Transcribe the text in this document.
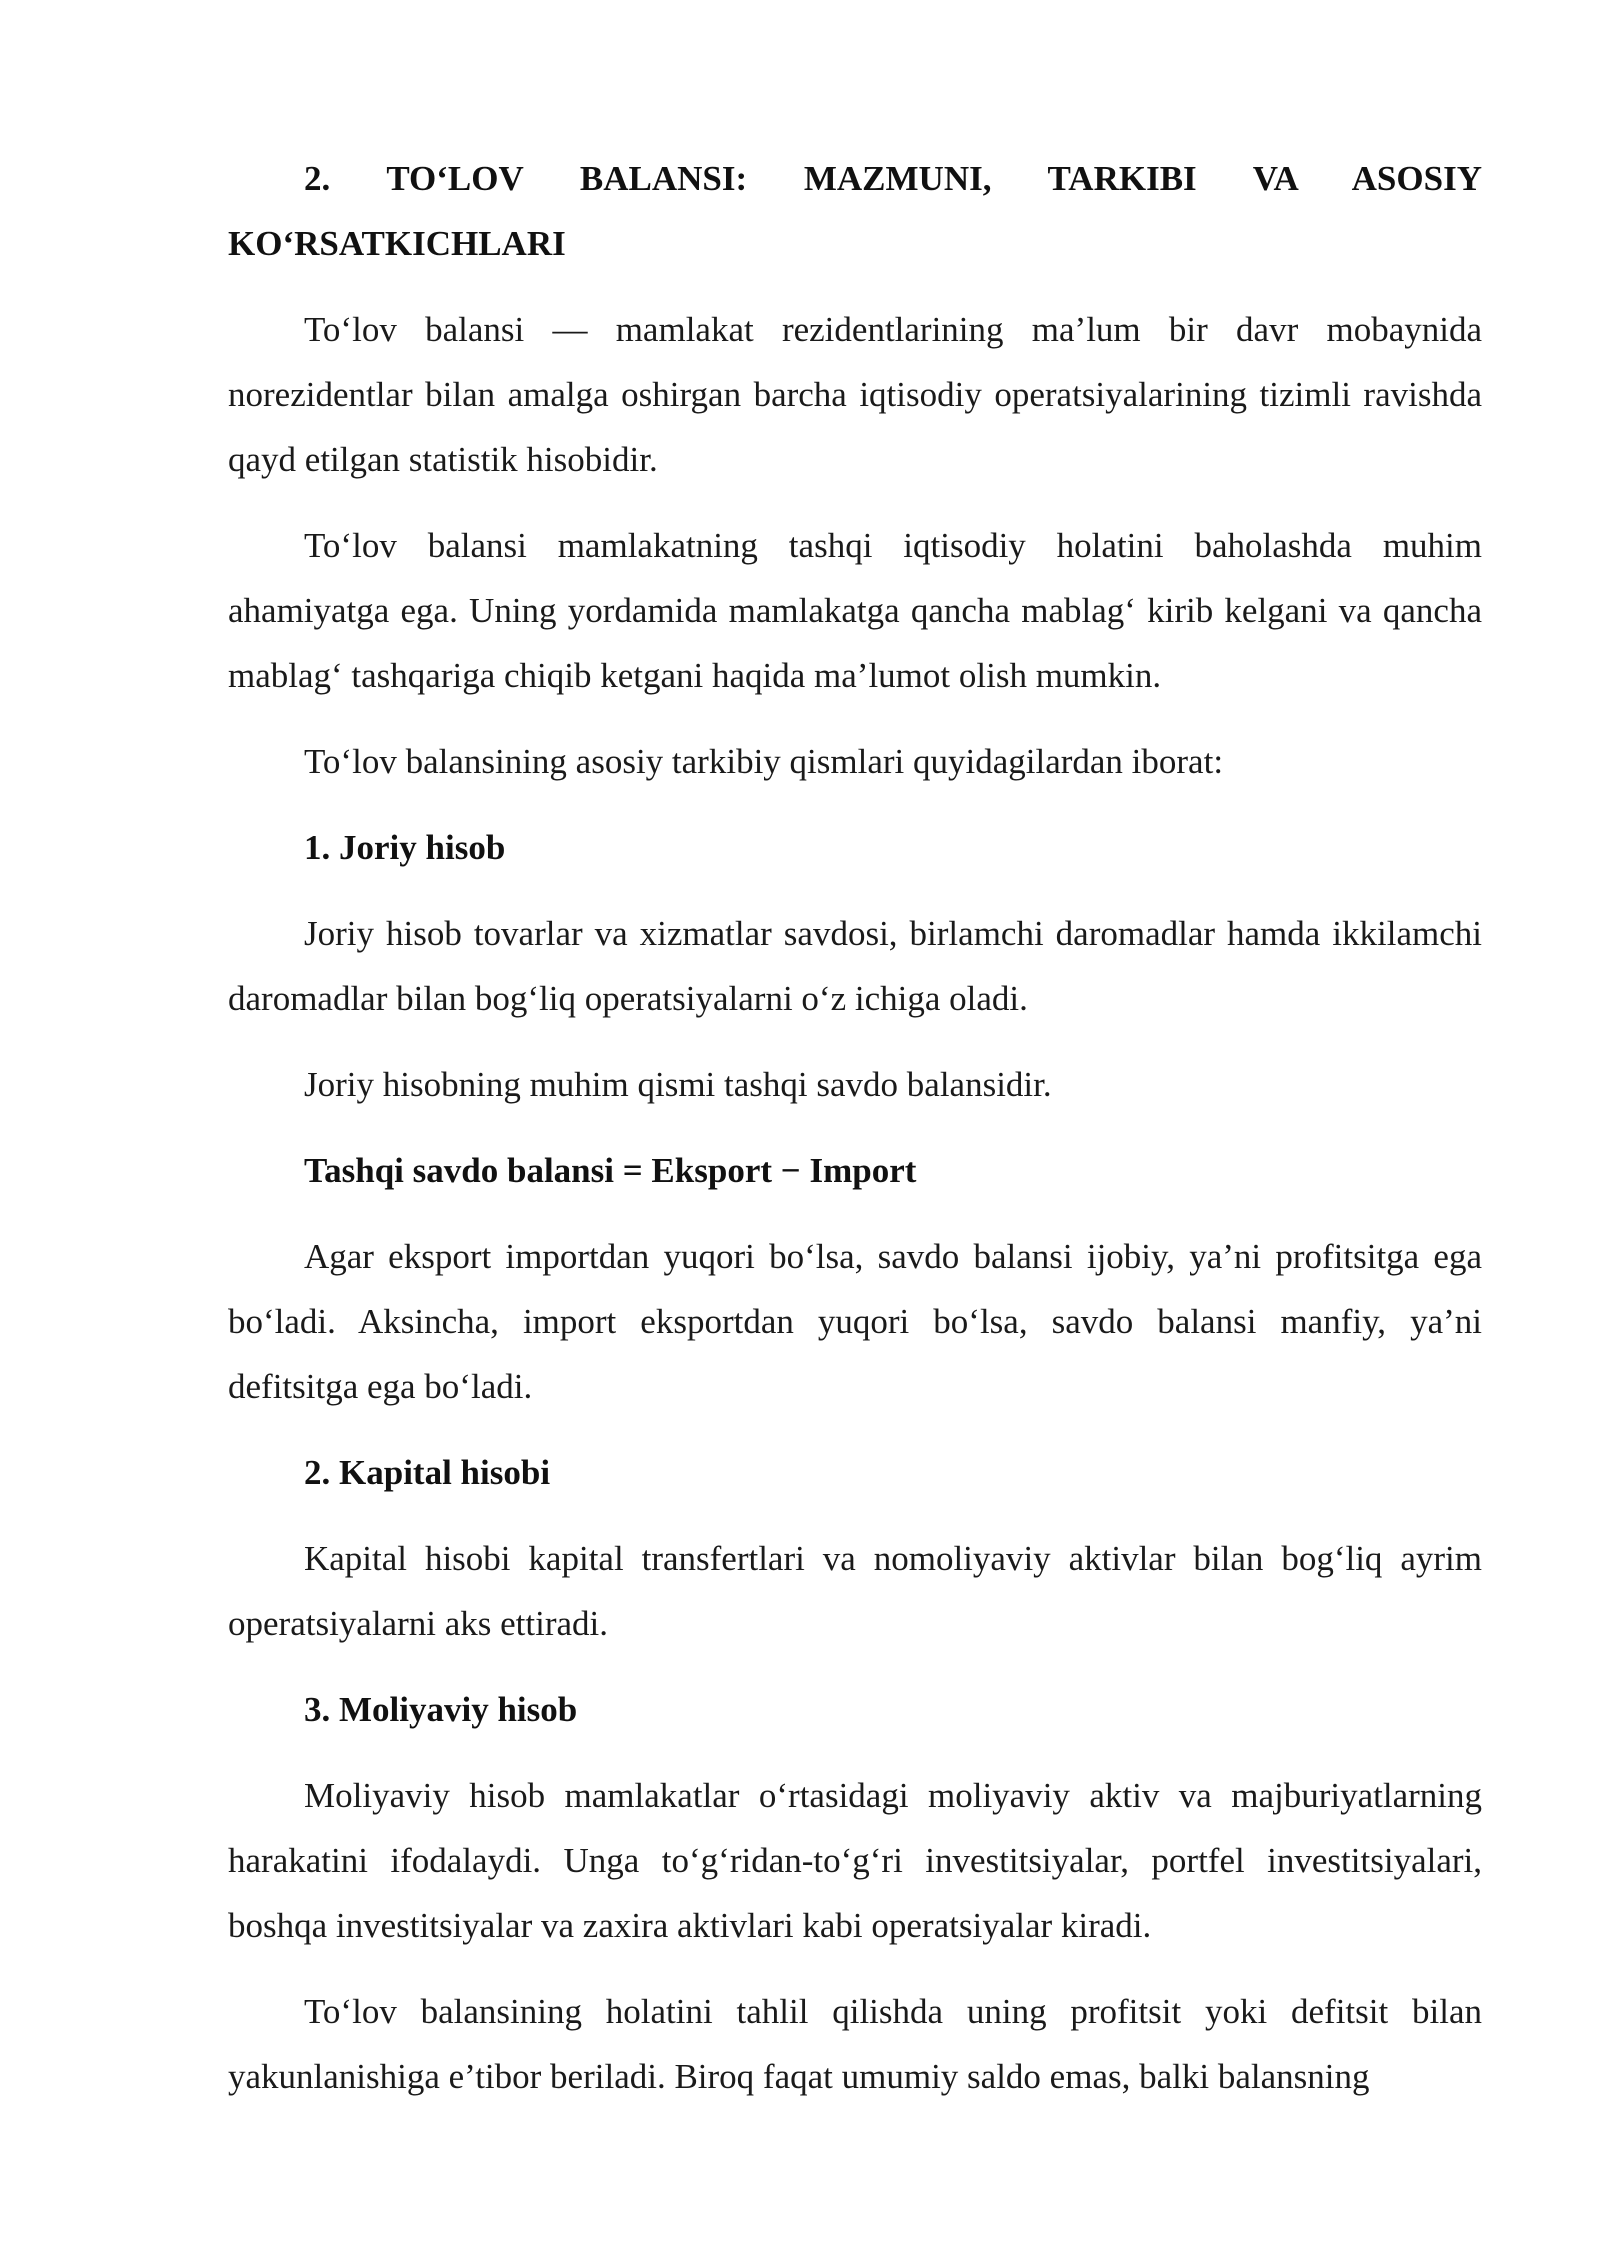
2. TO‘LOV BALANSI: MAZMUNI, TARKIBI VA ASOSIY KO‘RSATKICHLARI

To‘lov balansi — mamlakat rezidentlarining ma’lum bir davr mobaynida norezidentlar bilan amalga oshirgan barcha iqtisodiy operatsiyalarining tizimli ravishda qayd etilgan statistik hisobidir.

To‘lov balansi mamlakatning tashqi iqtisodiy holatini baholashda muhim ahamiyatga ega. Uning yordamida mamlakatga qancha mablag‘ kirib kelgani va qancha mablag‘ tashqariga chiqib ketgani haqida ma’lumot olish mumkin.

To‘lov balansining asosiy tarkibiy qismlari quyidagilardan iborat:

1. Joriy hisob

Joriy hisob tovarlar va xizmatlar savdosi, birlamchi daromadlar hamda ikkilamchi daromadlar bilan bog‘liq operatsiyalarni o‘z ichiga oladi.

Joriy hisobning muhim qismi tashqi savdo balansidir.

Tashqi savdo balansi = Eksport − Import

Agar eksport importdan yuqori bo‘lsa, savdo balansi ijobiy, ya’ni profitsitga ega bo‘ladi. Aksincha, import eksportdan yuqori bo‘lsa, savdo balansi manfiy, ya’ni defitsitga ega bo‘ladi.

2. Kapital hisobi

Kapital hisobi kapital transfertlari va nomoliyaviy aktivlar bilan bog‘liq ayrim operatsiyalarni aks ettiradi.

3. Moliyaviy hisob

Moliyaviy hisob mamlakatlar o‘rtasidagi moliyaviy aktiv va majburiyatlarning harakatini ifodalaydi. Unga to‘g‘ridan-to‘g‘ri investitsiyalar, portfel investitsiyalari, boshqa investitsiyalar va zaxira aktivlari kabi operatsiyalar kiradi.

To‘lov balansining holatini tahlil qilishda uning profitsit yoki defitsit bilan yakunlanishiga e’tibor beriladi. Biroq faqat umumiy saldo emas, balki balansning
